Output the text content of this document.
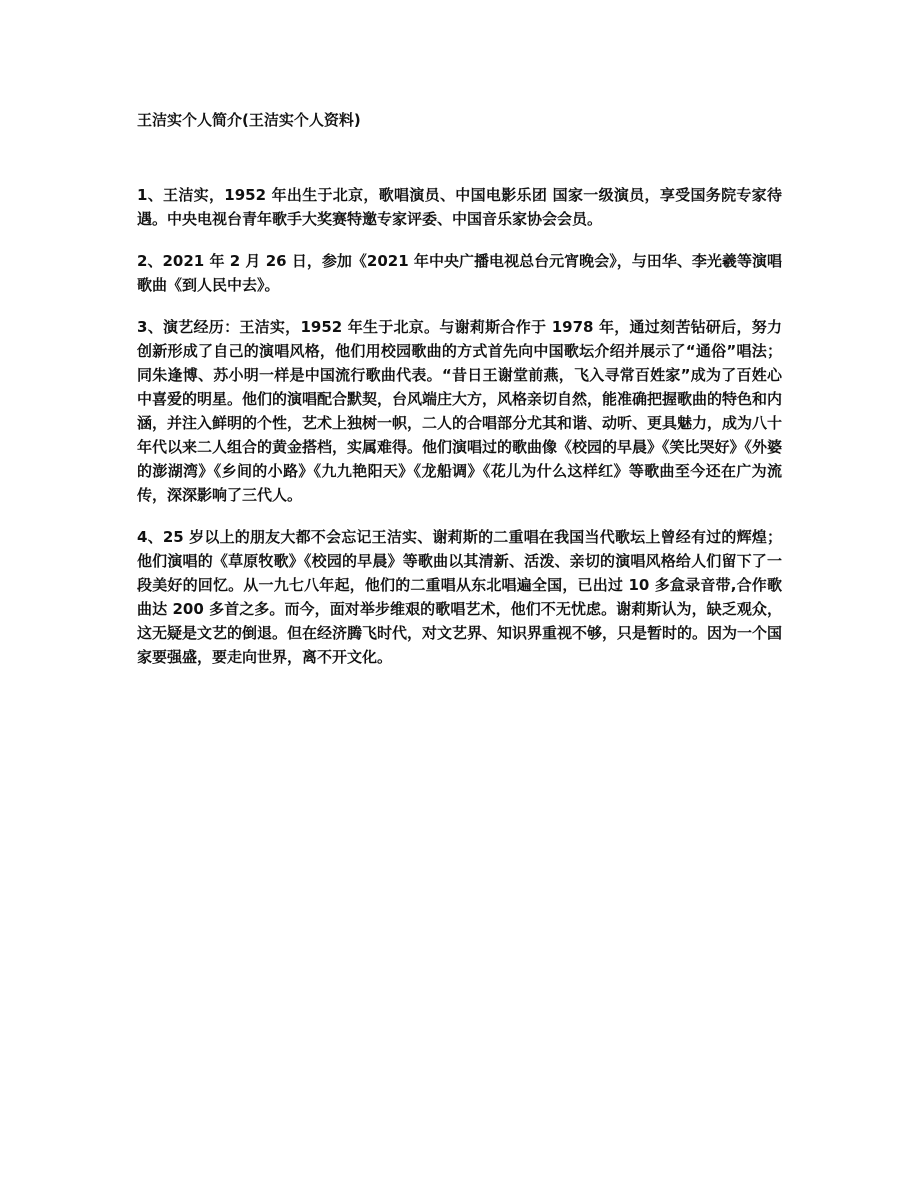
王洁实个人简介(王洁实个人资料)

1、王洁实，1952 年出生于北京，歌唱演员、中国电影乐团 国家一级演员，享受国务院专家待遇。中央电视台青年歌手大奖赛特邀专家评委、中国音乐家协会会员。

2、2021 年 2 月 26 日，参加《2021 年中央广播电视总台元宵晚会》，与田华、李光羲等演唱歌曲《到人民中去》。

3、演艺经历：王洁实，1952 年生于北京。与谢莉斯合作于 1978 年，通过刻苦钻研后，努力创新形成了自己的演唱风格，他们用校园歌曲的方式首先向中国歌坛介绍并展示了“通俗”唱法；同朱逢博、苏小明一样是中国流行歌曲代表。“昔日王谢堂前燕，飞入寻常百姓家”成为了百姓心中喜爱的明星。他们的演唱配合默契，台风端庄大方，风格亲切自然，能准确把握歌曲的特色和内涵，并注入鲜明的个性，艺术上独树一帜，二人的合唱部分尤其和谐、动听、更具魅力，成为八十年代以来二人组合的黄金搭档，实属难得。他们演唱过的歌曲像《校园的早晨》《笑比哭好》《外婆的澎湖湾》《乡间的小路》《九九艳阳天》《龙船调》《花儿为什么这样红》等歌曲至今还在广为流传，深深影响了三代人。

4、25 岁以上的朋友大都不会忘记王洁实、谢莉斯的二重唱在我国当代歌坛上曾经有过的辉煌；他们演唱的《草原牧歌》《校园的早晨》等歌曲以其清新、活泼、亲切的演唱风格给人们留下了一段美好的回忆。从一九七八年起，他们的二重唱从东北唱遍全国，已出过 10 多盒录音带,合作歌曲达 200 多首之多。而今，面对举步维艰的歌唱艺术，他们不无忧虑。谢莉斯认为，缺乏观众，这无疑是文艺的倒退。但在经济腾飞时代，对文艺界、知识界重视不够，只是暂时的。因为一个国家要强盛，要走向世界，离不开文化。
